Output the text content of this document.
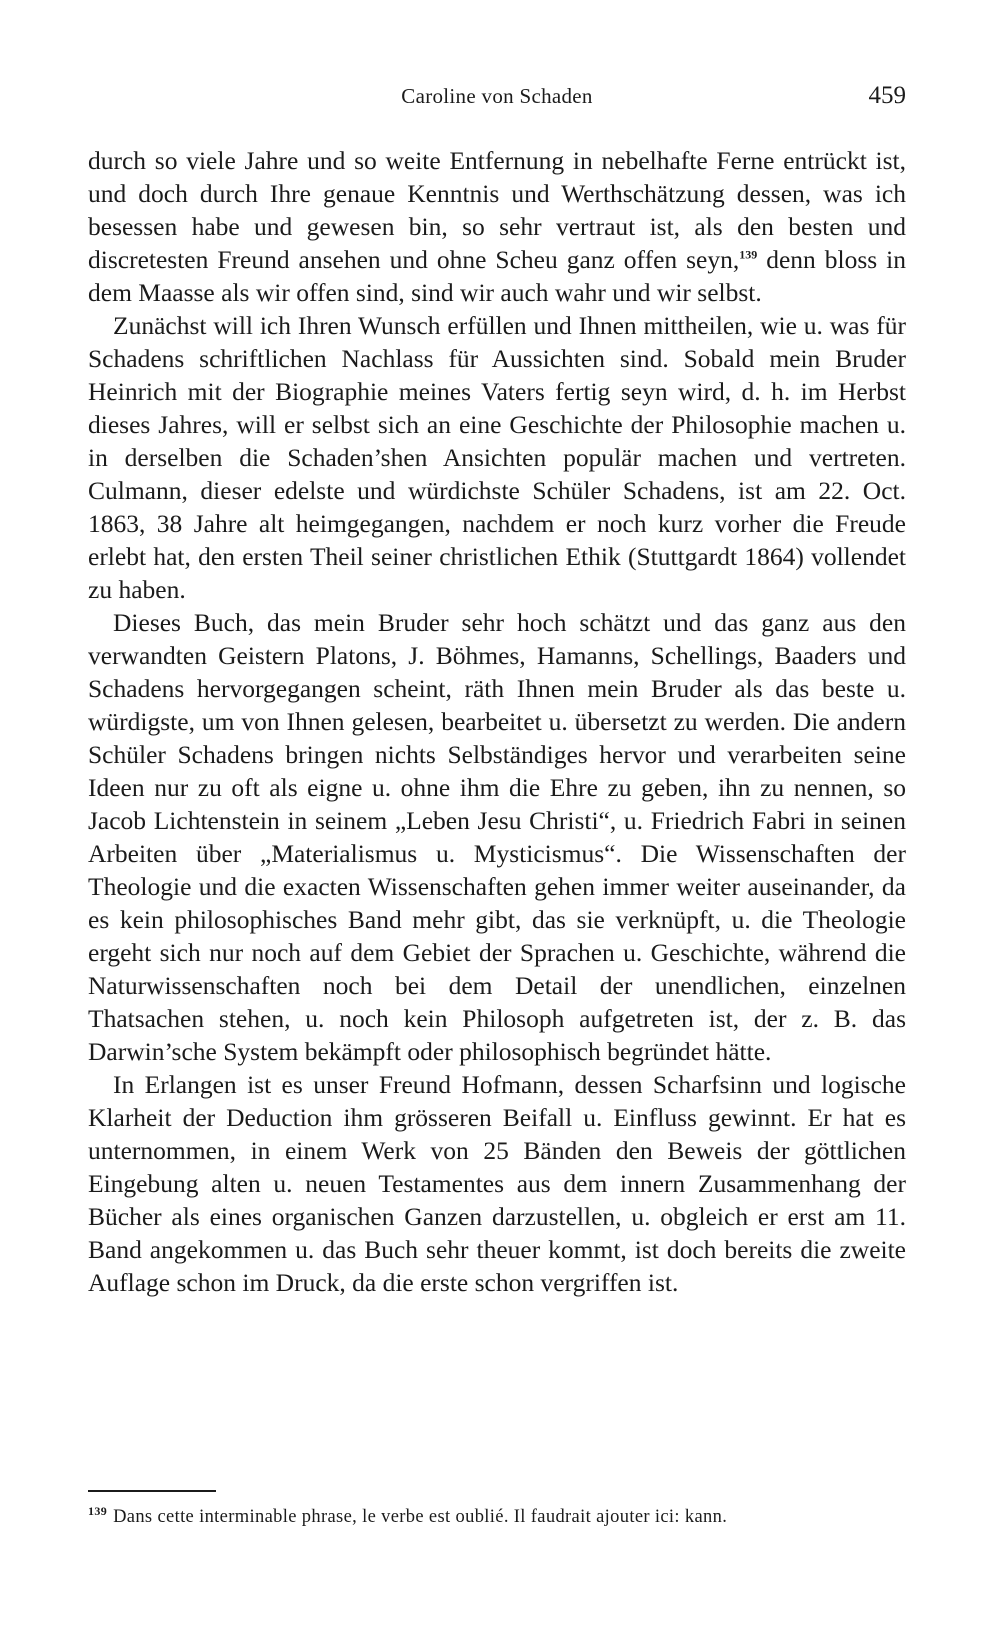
Caroline von Schaden	459

durch so viele Jahre und so weite Entfernung in nebelhafte Ferne entrückt ist, und doch durch Ihre genaue Kenntnis und Werthschätzung dessen, was ich besessen habe und gewesen bin, so sehr vertraut ist, als den besten und discretesten Freund ansehen und ohne Scheu ganz offen seyn,$^{139}$ denn bloss in dem Maasse als wir offen sind, sind wir auch wahr und wir selbst.

Zunächst will ich Ihren Wunsch erfüllen und Ihnen mittheilen, wie u. was für Schadens schriftlichen Nachlass für Aussichten sind. Sobald mein Bruder Heinrich mit der Biographie meines Vaters fertig seyn wird, d. h. im Herbst dieses Jahres, will er selbst sich an eine Geschichte der Philosophie machen u. in derselben die Schaden’shen Ansichten populär machen und vertreten. Culmann, dieser edelste und würdichste Schüler Schadens, ist am 22. Oct. 1863, 38 Jahre alt heimgegangen, nachdem er noch kurz vorher die Freude erlebt hat, den ersten Theil seiner christlichen Ethik (Stuttgardt 1864) vollendet zu haben.

Dieses Buch, das mein Bruder sehr hoch schätzt und das ganz aus den verwandten Geistern Platons, J. Böhmes, Hamanns, Schellings, Baaders und Schadens hervorgegangen scheint, räth Ihnen mein Bruder als das beste u. würdigste, um von Ihnen gelesen, bearbeitet u. übersetzt zu werden. Die andern Schüler Schadens bringen nichts Selbständiges hervor und verarbeiten seine Ideen nur zu oft als eigne u. ohne ihm die Ehre zu geben, ihn zu nennen, so Jacob Lichtenstein in seinem „Leben Jesu Christi“, u. Friedrich Fabri in seinen Arbeiten über „Materialismus u. Mysticismus“. Die Wissenschaften der Theologie und die exacten Wissenschaften gehen immer weiter auseinander, da es kein philosophisches Band mehr gibt, das sie verknüpft, u. die Theologie ergeht sich nur noch auf dem Gebiet der Sprachen u. Geschichte, während die Naturwissenschaften noch bei dem Detail der unendlichen, einzelnen Thatsachen stehen, u. noch kein Philosoph aufgetreten ist, der z. B. das Darwin’sche System bekämpft oder philosophisch begründet hätte.

In Erlangen ist es unser Freund Hofmann, dessen Scharfsinn und logische Klarheit der Deduction ihm grösseren Beifall u. Einfluss gewinnt. Er hat es unternommen, in einem Werk von 25 Bänden den Beweis der göttlichen Eingebung alten u. neuen Testamentes aus dem innern Zusammenhang der Bücher als eines organischen Ganzen darzustellen, u. obgleich er erst am 11. Band angekommen u. das Buch sehr theuer kommt, ist doch bereits die zweite Auflage schon im Druck, da die erste schon vergriffen ist.

$^{139}$ Dans cette interminable phrase, le verbe est oublié. Il faudrait ajouter ici: kann.
